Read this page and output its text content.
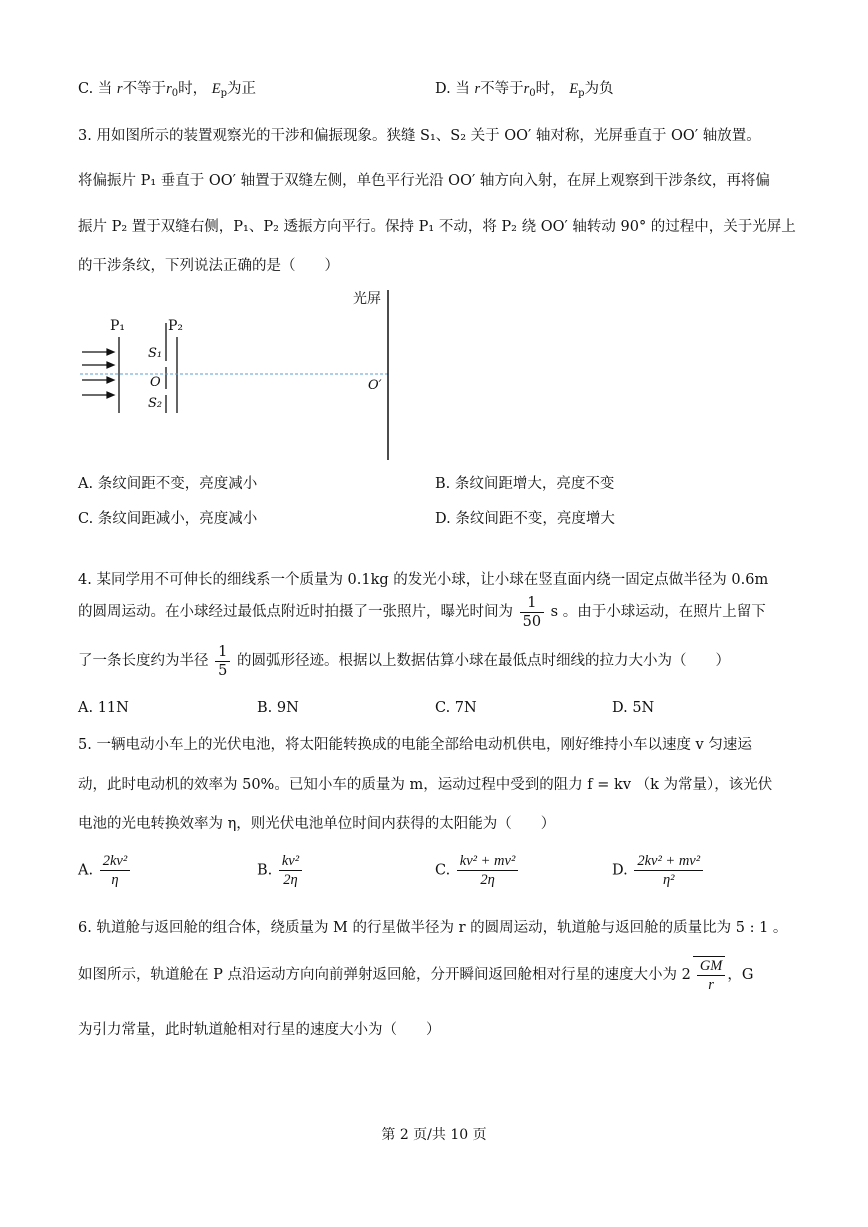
C. 当 r不等于$r_0$时， $E_p$为正	D. 当 r不等于$r_0$时， $E_p$为负
3. 用如图所示的装置观察光的干涉和偏振现象。狭缝 S₁、S₂ 关于 OO′ 轴对称，光屏垂直于 OO′ 轴放置。
将偏振片 P₁ 垂直于 OO′ 轴置于双缝左侧，单色平行光沿 OO′ 轴方向入射，在屏上观察到干涉条纹，再将偏
振片 P₂ 置于双缝右侧，P₁、P₂ 透振方向平行。保持 P₁ 不动，将 P₂ 绕 OO′ 轴转动 90° 的过程中，关于光屏上
的干涉条纹，下列说法正确的是（　　）
P₁	P₂
S₁
O
S₂
光屏
O′
A. 条纹间距不变，亮度减小	B. 条纹间距增大，亮度不变
C. 条纹间距减小，亮度减小	D. 条纹间距不变，亮度增大
4. 某同学用不可伸长的细线系一个质量为 0.1kg 的发光小球，让小球在竖直面内绕一固定点做半径为 0.6m
的圆周运动。在小球经过最低点附近时拍摄了一张照片，曝光时间为 $\frac{1}{50}$ s 。由于小球运动，在照片上留下
了一条长度约为半径 $\frac{1}{5}$ 的圆弧形径迹。根据以上数据估算小球在最低点时细线的拉力大小为（　　）
A. 11N	B. 9N	C. 7N	D. 5N
5. 一辆电动小车上的光伏电池，将太阳能转换成的电能全部给电动机供电，刚好维持小车以速度 v 匀速运
动，此时电动机的效率为 50%。已知小车的质量为 m，运动过程中受到的阻力 f = kv （k 为常量），该光伏
电池的光电转换效率为 η，则光伏电池单位时间内获得的太阳能为（　　）
A. $\frac{\text{2kv²}}{\eta}$	B. $\frac{\text{kv²}}{2\eta}$	C. $\frac{\text{kv² + mv²}}{2\eta}$	D. $\frac{\text{2kv² + mv²}}{\text{η²}}$
6. 轨道舱与返回舱的组合体，绕质量为 M 的行星做半径为 r 的圆周运动，轨道舱与返回舱的质量比为 5 : 1 。
如图所示，轨道舱在 P 点沿运动方向向前弹射返回舱，分开瞬间返回舱相对行星的速度大小为 $2 \frac{GM}{r}$ ，G
为引力常量，此时轨道舱相对行星的速度大小为（　　）
第 2 页/共 10 页
